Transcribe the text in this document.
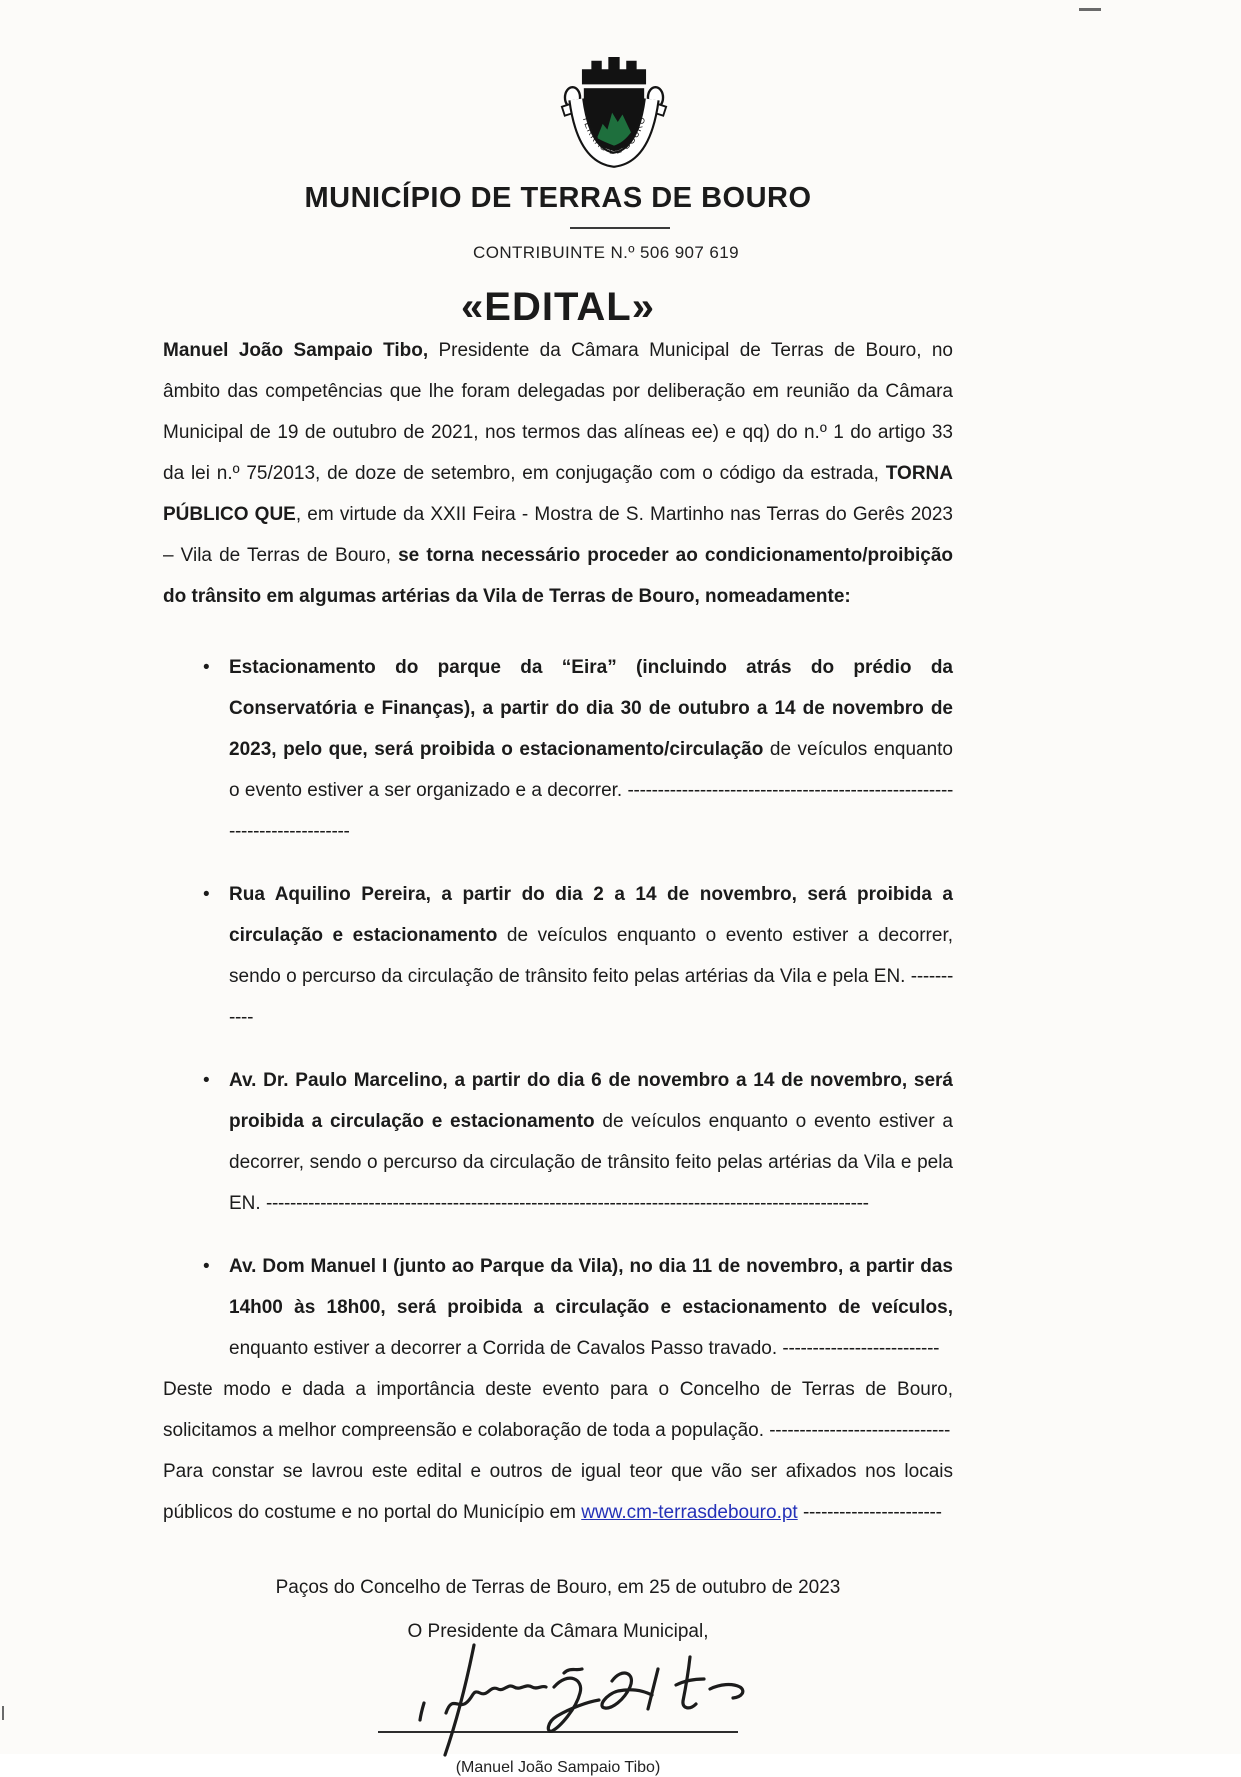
TERRAS DE BOURO
MUNICÍPIO DE TERRAS DE BOURO
CONTRIBUINTE N.º 506 907 619
«EDITAL»

Manuel João Sampaio Tibo, Presidente da Câmara Municipal de Terras de Bouro, no âmbito das competências que lhe foram delegadas por deliberação em reunião da Câmara Municipal de 19 de outubro de 2021, nos termos das alíneas ee) e qq) do n.º 1 do artigo 33 da lei n.º 75/2013, de doze de setembro, em conjugação com o código da estrada, TORNA PÚBLICO QUE, em virtude da XXII Feira - Mostra de S. Martinho nas Terras do Gerês 2023 – Vila de Terras de Bouro, se torna necessário proceder ao condicionamento/proibição do trânsito em algumas artérias da Vila de Terras de Bouro, nomeadamente:

• Estacionamento do parque da “Eira” (incluindo atrás do prédio da Conservatória e Finanças), a partir do dia 30 de outubro a 14 de novembro de 2023, pelo que, será proibida o estacionamento/circulação de veículos enquanto o evento estiver a ser organizado e a decorrer. --------------------------------------------------------------------------
• Rua Aquilino Pereira, a partir do dia 2 a 14 de novembro, será proibida a circulação e estacionamento de veículos enquanto o evento estiver a decorrer, sendo o percurso da circulação de trânsito feito pelas artérias da Vila e pela EN. -----------
• Av. Dr. Paulo Marcelino, a partir do dia 6 de novembro a 14 de novembro, será proibida a circulação e estacionamento de veículos enquanto o evento estiver a decorrer, sendo o percurso da circulação de trânsito feito pelas artérias da Vila e pela EN. ----------------------------------------------------------------------------------------------------
• Av. Dom Manuel I (junto ao Parque da Vila), no dia 11 de novembro, a partir das 14h00 às 18h00, será proibida a circulação e estacionamento de veículos, enquanto estiver a decorrer a Corrida de Cavalos Passo travado. --------------------------

Deste modo e dada a importância deste evento para o Concelho de Terras de Bouro, solicitamos a melhor compreensão e colaboração de toda a população. ------------------------------

Para constar se lavrou este edital e outros de igual teor que vão ser afixados nos locais públicos do costume e no portal do Município em www.cm-terrasdebouro.pt -----------------------

Paços do Concelho de Terras de Bouro, em 25 de outubro de 2023
O Presidente da Câmara Municipal,
(Manuel João Sampaio Tibo)
